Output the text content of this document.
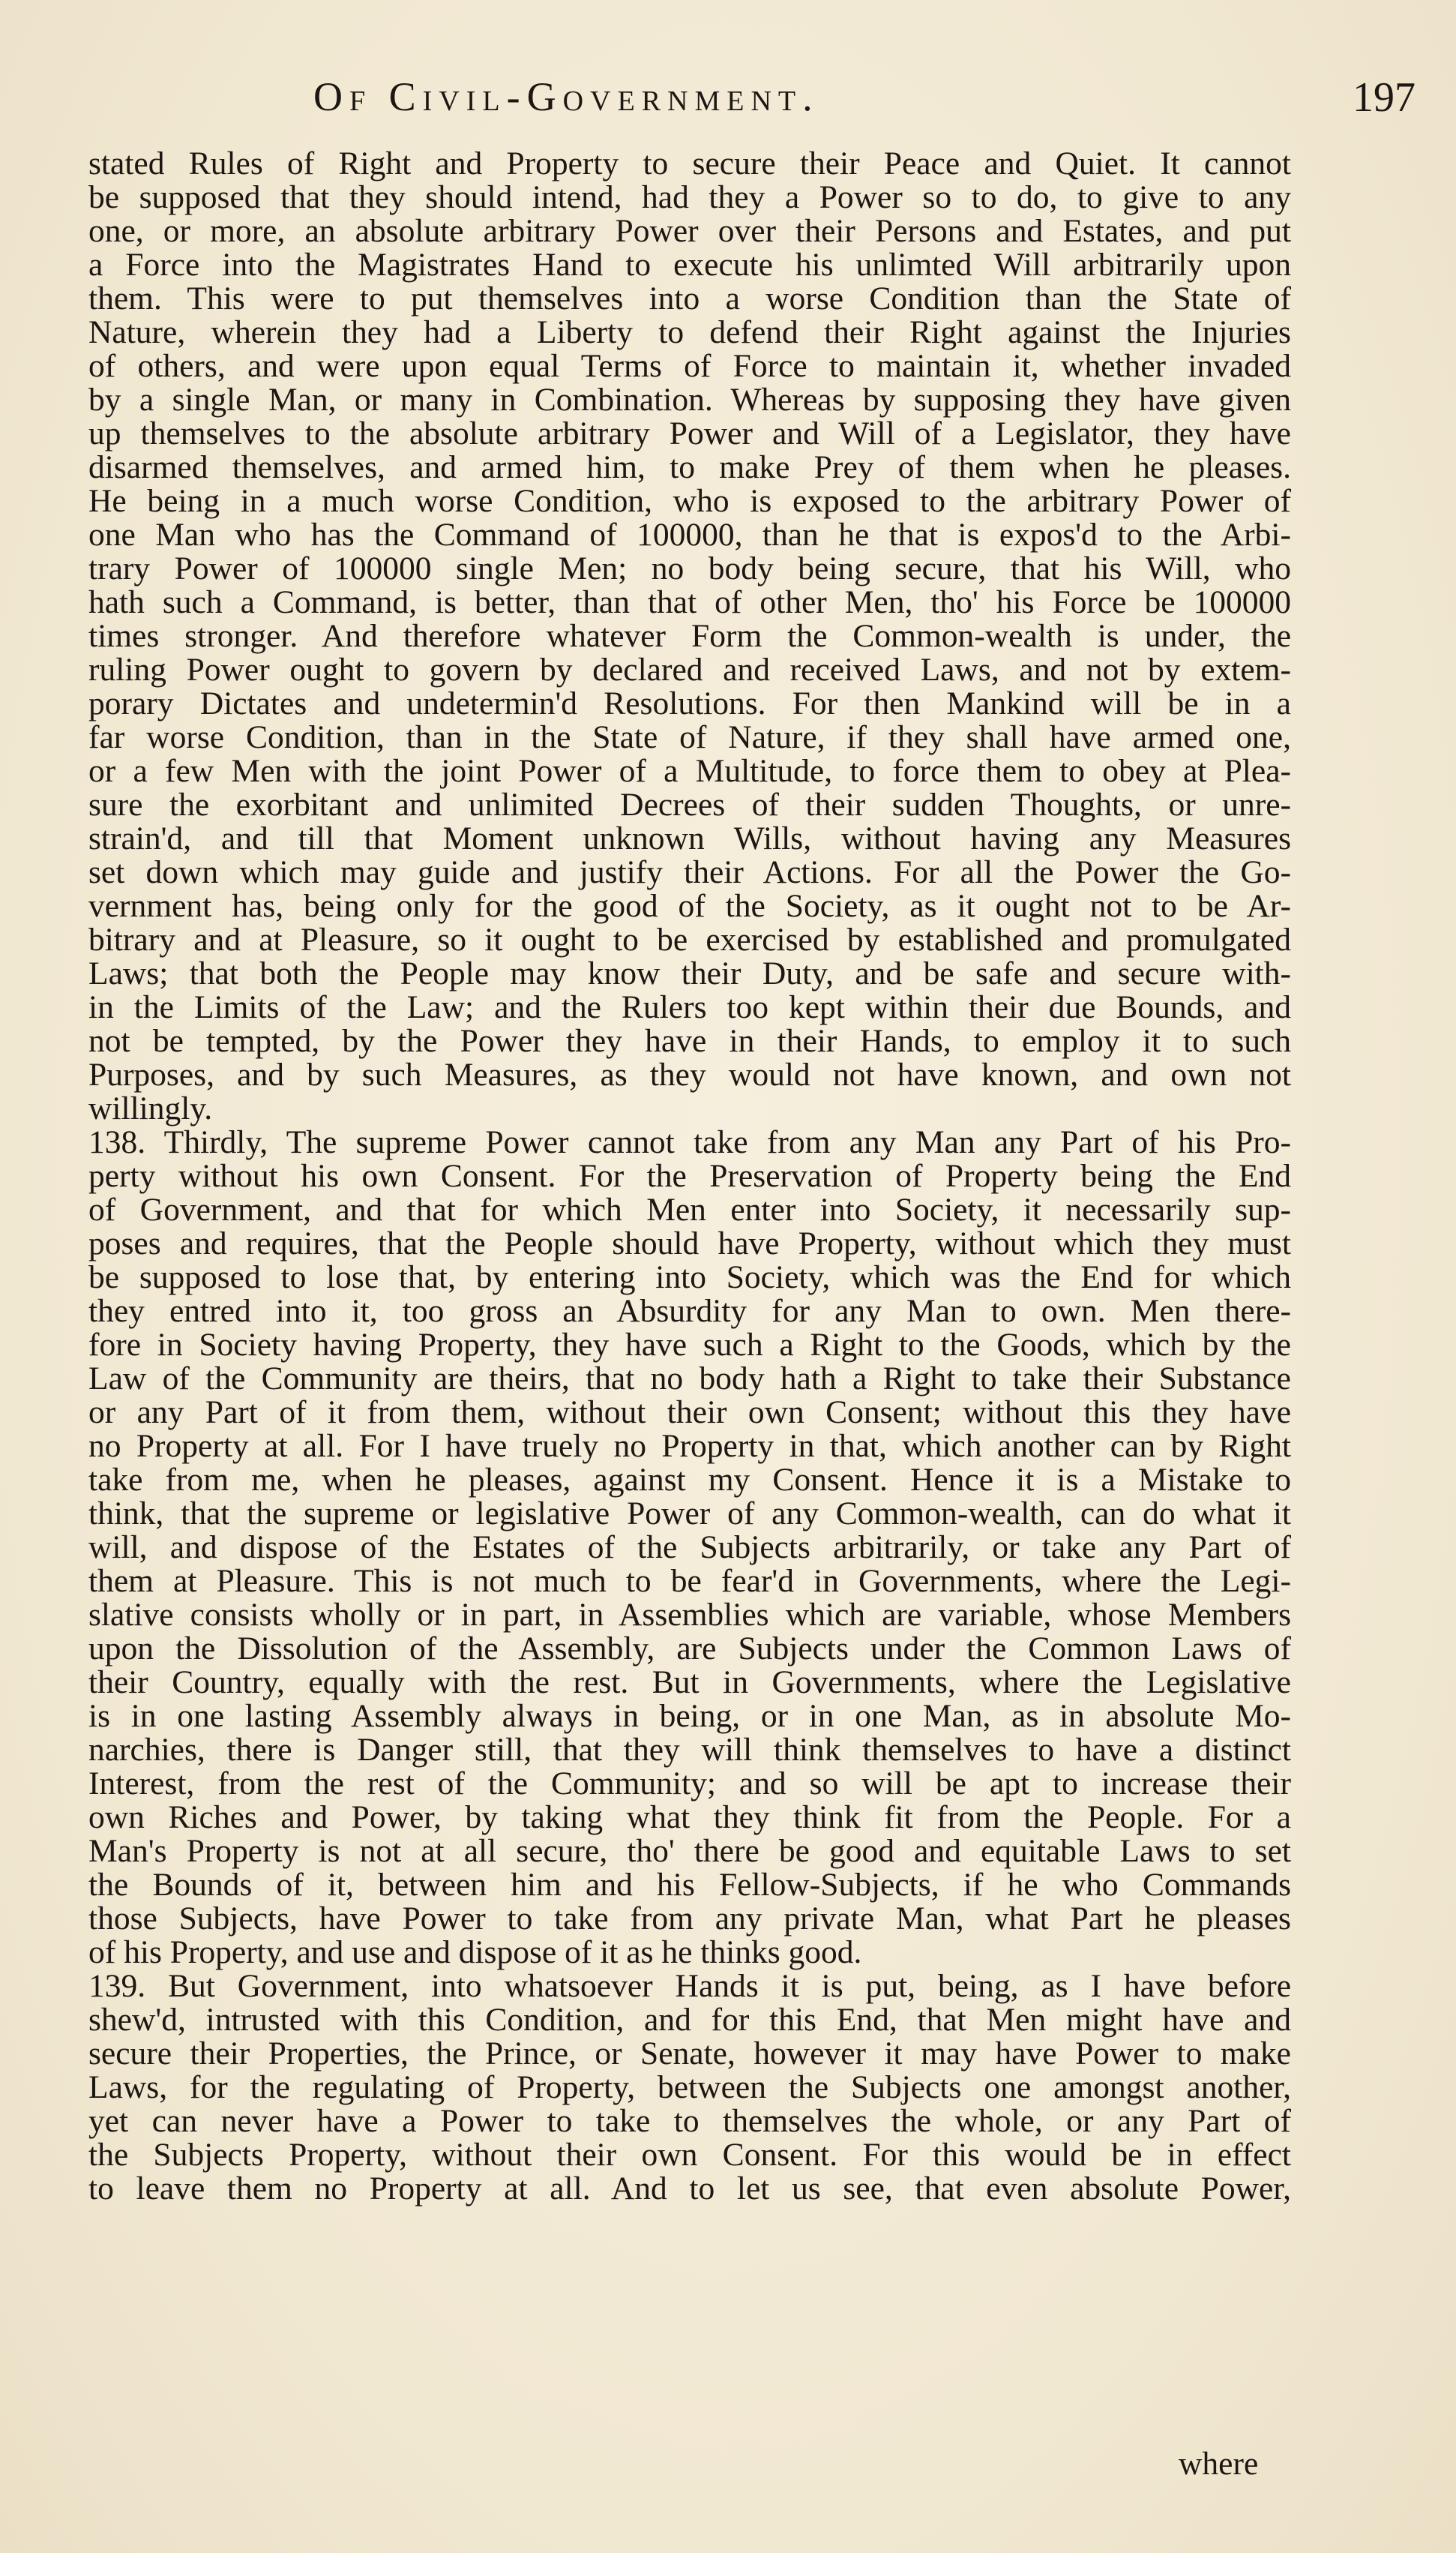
Of Civil-Government.	197
stated Rules of Right and Property to secure their Peace and Quiet. It cannot
be supposed that they should intend, had they a Power so to do, to give to any
one, or more, an absolute arbitrary Power over their Persons and Estates, and put
a Force into the Magistrates Hand to execute his unlimted Will arbitrarily upon
them. This were to put themselves into a worse Condition than the State of
Nature, wherein they had a Liberty to defend their Right against the Injuries
of others, and were upon equal Terms of Force to maintain it, whether invaded
by a single Man, or many in Combination. Whereas by supposing they have given
up themselves to the absolute arbitrary Power and Will of a Legislator, they have
disarmed themselves, and armed him, to make Prey of them when he pleases.
He being in a much worse Condition, who is exposed to the arbitrary Power of
one Man who has the Command of 100000, than he that is expos'd to the Arbi-
trary Power of 100000 single Men; no body being secure, that his Will, who
hath such a Command, is better, than that of other Men, tho' his Force be 100000
times stronger. And therefore whatever Form the Common-wealth is under, the
ruling Power ought to govern by declared and received Laws, and not by extem-
porary Dictates and undetermin'd Resolutions. For then Mankind will be in a
far worse Condition, than in the State of Nature, if they shall have armed one,
or a few Men with the joint Power of a Multitude, to force them to obey at Plea-
sure the exorbitant and unlimited Decrees of their sudden Thoughts, or unre-
strain'd, and till that Moment unknown Wills, without having any Measures
set down which may guide and justify their Actions. For all the Power the Go-
vernment has, being only for the good of the Society, as it ought not to be Ar-
bitrary and at Pleasure, so it ought to be exercised by established and promulgated
Laws; that both the People may know their Duty, and be safe and secure with-
in the Limits of the Law; and the Rulers too kept within their due Bounds, and
not be tempted, by the Power they have in their Hands, to employ it to such
Purposes, and by such Measures, as they would not have known, and own not
willingly.
138. Thirdly, The supreme Power cannot take from any Man any Part of his Pro-
perty without his own Consent. For the Preservation of Property being the End
of Government, and that for which Men enter into Society, it necessarily sup-
poses and requires, that the People should have Property, without which they must
be supposed to lose that, by entering into Society, which was the End for which
they entred into it, too gross an Absurdity for any Man to own. Men there-
fore in Society having Property, they have such a Right to the Goods, which by the
Law of the Community are theirs, that no body hath a Right to take their Substance
or any Part of it from them, without their own Consent; without this they have
no Property at all. For I have truely no Property in that, which another can by Right
take from me, when he pleases, against my Consent. Hence it is a Mistake to
think, that the supreme or legislative Power of any Common-wealth, can do what it
will, and dispose of the Estates of the Subjects arbitrarily, or take any Part of
them at Pleasure. This is not much to be fear'd in Governments, where the Legi-
slative consists wholly or in part, in Assemblies which are variable, whose Members
upon the Dissolution of the Assembly, are Subjects under the Common Laws of
their Country, equally with the rest. But in Governments, where the Legislative
is in one lasting Assembly always in being, or in one Man, as in absolute Mo-
narchies, there is Danger still, that they will think themselves to have a distinct
Interest, from the rest of the Community; and so will be apt to increase their
own Riches and Power, by taking what they think fit from the People. For a
Man's Property is not at all secure, tho' there be good and equitable Laws to set
the Bounds of it, between him and his Fellow-Subjects, if he who Commands
those Subjects, have Power to take from any private Man, what Part he pleases
of his Property, and use and dispose of it as he thinks good.
139. But Government, into whatsoever Hands it is put, being, as I have before
shew'd, intrusted with this Condition, and for this End, that Men might have and
secure their Properties, the Prince, or Senate, however it may have Power to make
Laws, for the regulating of Property, between the Subjects one amongst another,
yet can never have a Power to take to themselves the whole, or any Part of
the Subjects Property, without their own Consent. For this would be in effect
to leave them no Property at all. And to let us see, that even absolute Power,
where
